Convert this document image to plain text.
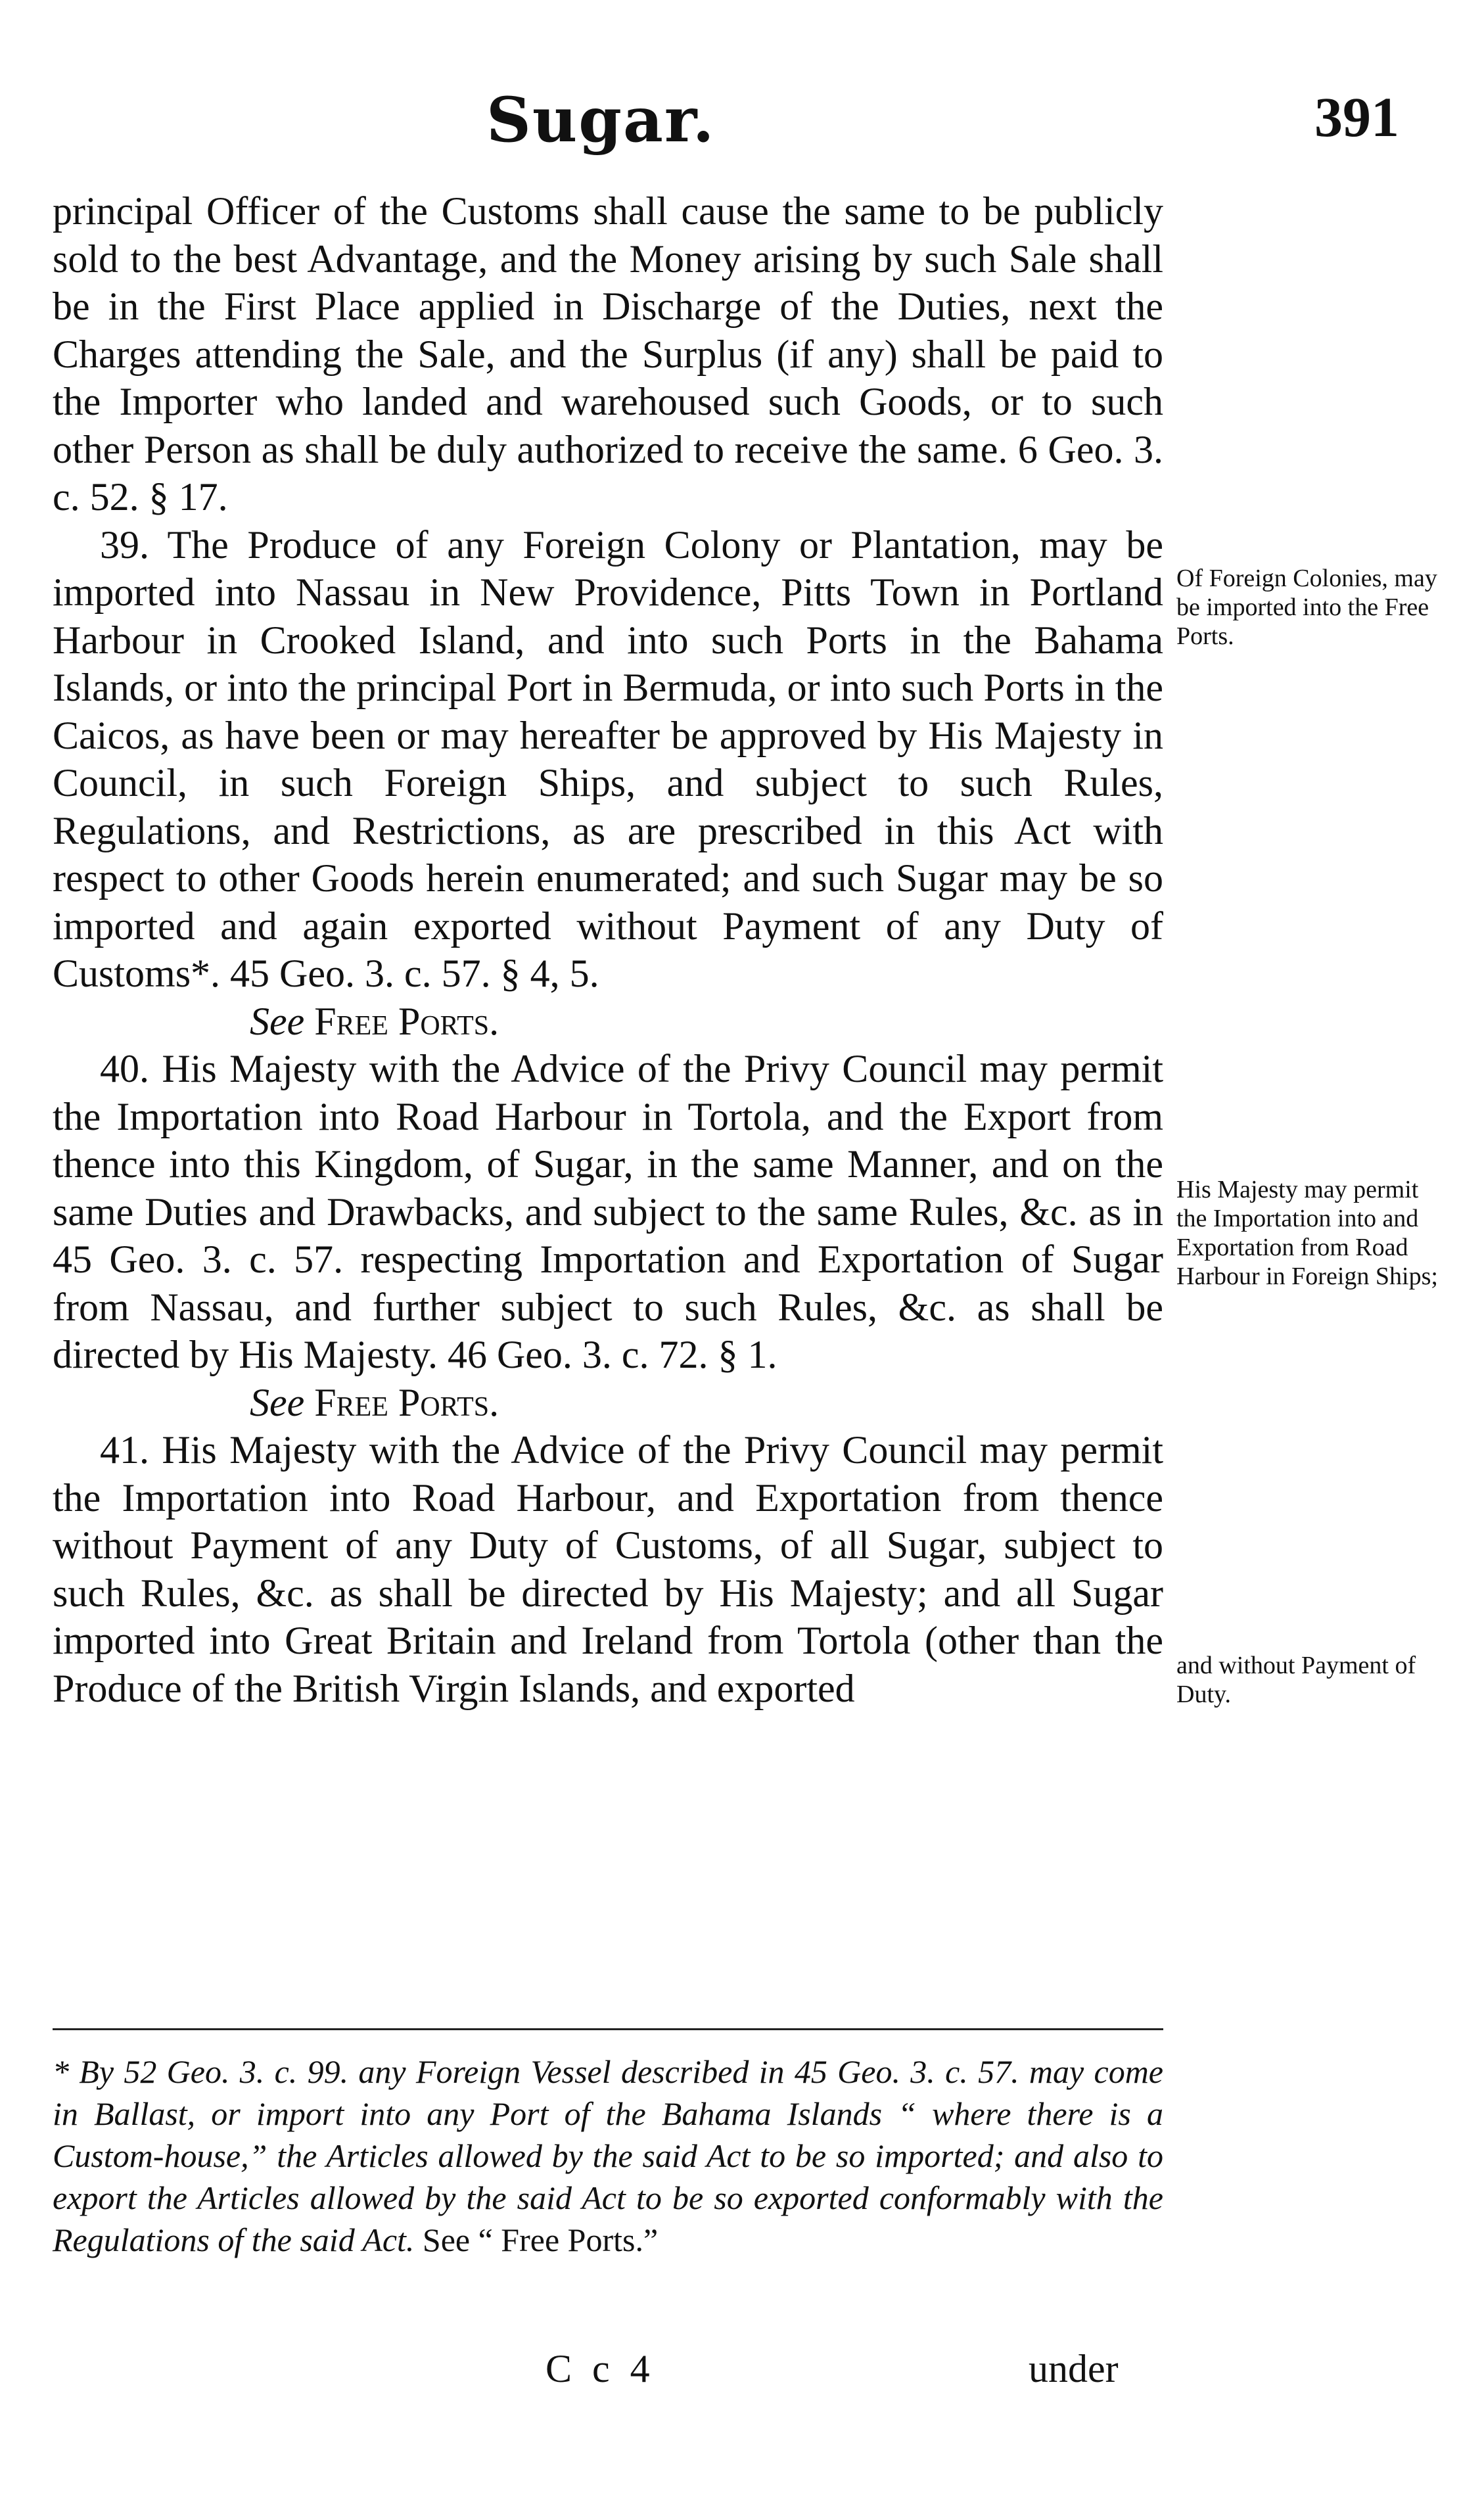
Sugar.	391

principal Officer of the Customs shall cause the same to be publicly sold to the best Advantage, and the Money arising by such Sale shall be in the First Place applied in Discharge of the Duties, next the Charges attending the Sale, and the Surplus (if any) shall be paid to the Importer who landed and warehoused such Goods, or to such other Person as shall be duly authorized to receive the same. 6 Geo. 3. c. 52. § 17.

39. The Produce of any Foreign Colony or Plantation, may be imported into Nassau in New Providence, Pitts Town in Portland Harbour in Crooked Island, and into such Ports in the Bahama Islands, or into the principal Port in Bermuda, or into such Ports in the Caicos, as have been or may hereafter be approved by His Majesty in Council, in such Foreign Ships, and subject to such Rules, Regulations, and Restrictions, as are prescribed in this Act with respect to other Goods herein enumerated; and such Sugar may be so imported and again exported without Payment of any Duty of Customs*. 45 Geo. 3. c. 57. § 4, 5.

See Free Ports.

40. His Majesty with the Advice of the Privy Council may permit the Importation into Road Harbour in Tortola, and the Export from thence into this Kingdom, of Sugar, in the same Manner, and on the same Duties and Drawbacks, and subject to the same Rules, &c. as in 45 Geo. 3. c. 57. respecting Importation and Exportation of Sugar from Nassau, and further subject to such Rules, &c. as shall be directed by His Majesty. 46 Geo. 3. c. 72. § 1.

See Free Ports.

41. His Majesty with the Advice of the Privy Council may permit the Importation into Road Harbour, and Exportation from thence without Payment of any Duty of Customs, of all Sugar, subject to such Rules, &c. as shall be directed by His Majesty; and all Sugar imported into Great Britain and Ireland from Tortola (other than the Produce of the British Virgin Islands, and exported

Of Foreign Colonies, may be imported into the Free Ports.
His Majesty may permit the Importation into and Exportation from Road Harbour in Foreign Ships;
and without Payment of Duty.
* By 52 Geo. 3. c. 99. any Foreign Vessel described in 45 Geo. 3. c. 57. may come in Ballast, or import into any Port of the Bahama Islands “ where there is a Custom-house,” the Articles allowed by the said Act to be so imported; and also to export the Articles allowed by the said Act to be so exported conformably with the Regulations of the said Act. See “ Free Ports.”
C c 4	under
